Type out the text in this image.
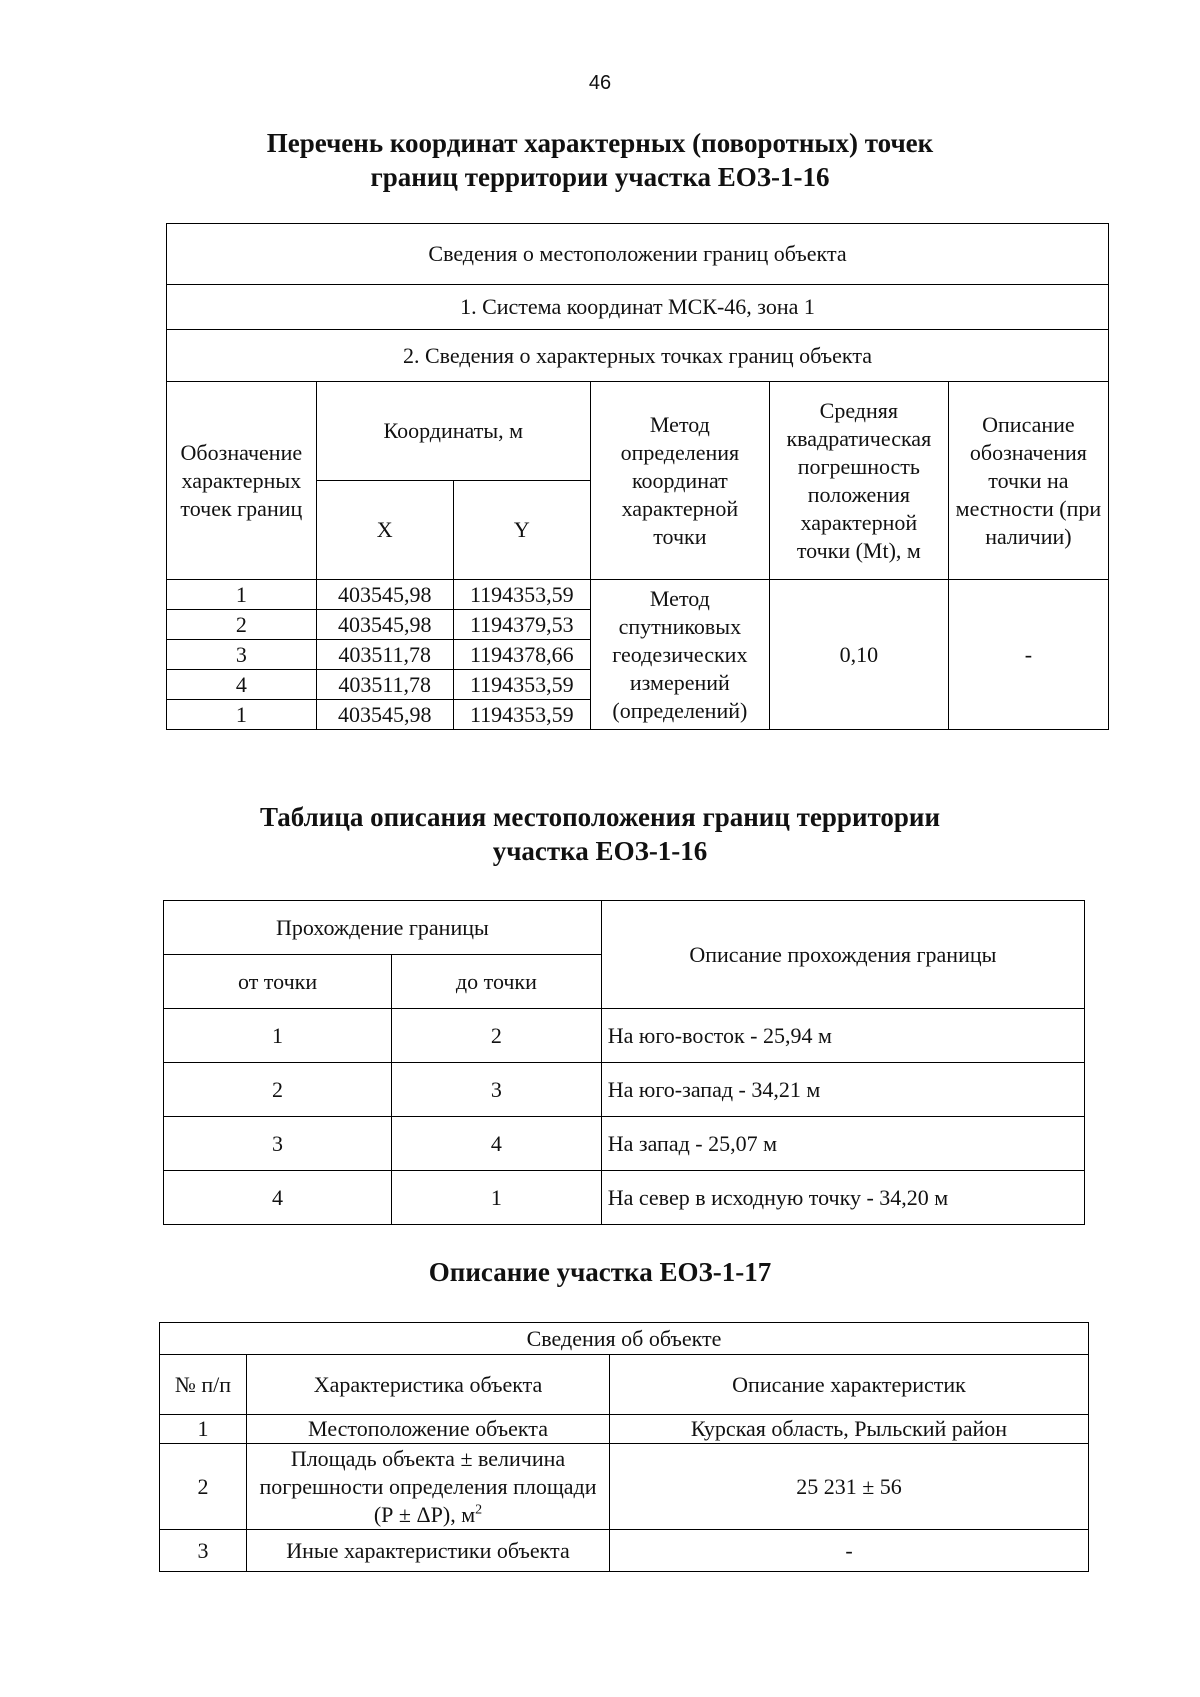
46
Перечень координат характерных (поворотных) точек
границ территории участка ЕОЗ-1-16
Сведения о местоположении границ объекта					
1. Система координат МСК-46, зона 1					
2. Сведения о характерных точках границ объекта					
Обозначение характерных точек границ	Координаты, м		Метод определения координат характерной точки	Средняя квадратическая погрешность положения характерной точки (Mt), м	Описание обозначения точки на местности (при наличии)
	X	Y			
1	403545,98	1194353,59	Метод спутниковых геодезических измерений (определений)	0,10	-
2	403545,98	1194379,53			
3	403511,78	1194378,66			
4	403511,78	1194353,59			
1	403545,98	1194353,59			
Таблица описания местоположения границ территории
участка ЕОЗ-1-16
Прохождение границы		Описание прохождения границы
от точки	до точки	
1	2	На юго-восток - 25,94 м
2	3	На юго-запад - 34,21 м
3	4	На запад - 25,07 м
4	1	На север в исходную точку - 34,20 м
Описание участка ЕОЗ-1-17
Сведения об объекте		
№ п/п	Характеристика объекта	Описание характеристик
1	Местоположение объекта	Курская область, Рыльский район
2	Площадь объекта ± величина погрешности определения площади (Р ± ΔР), $м^2$	25 231 ± 56
3	Иные характеристики объекта	-
